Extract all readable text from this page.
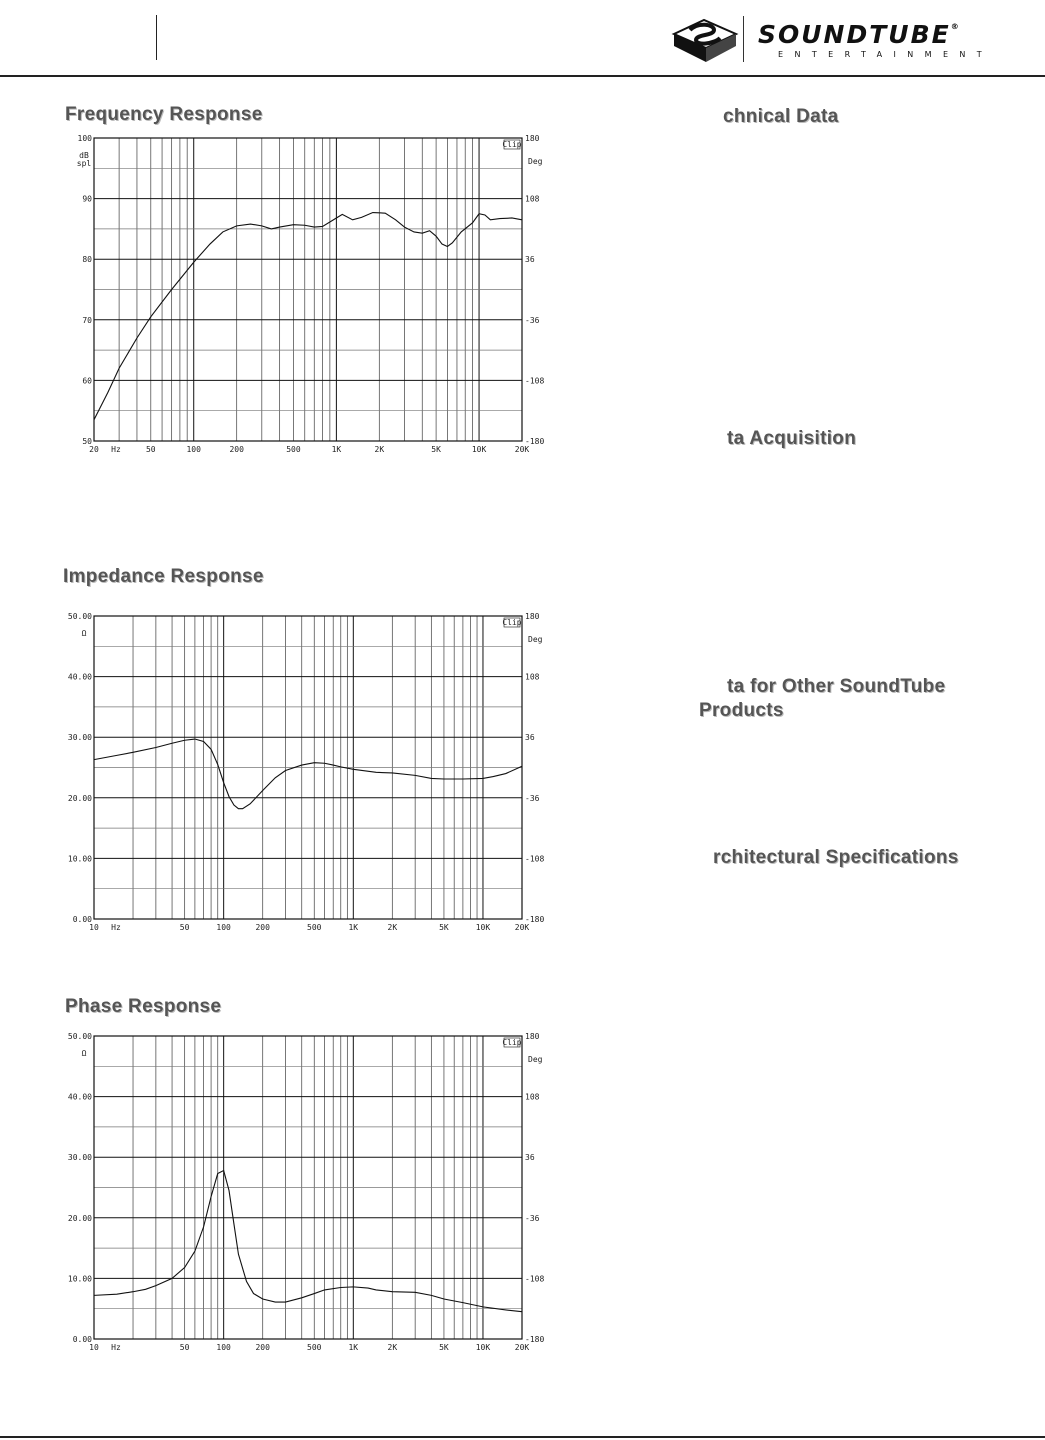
SOUNDTUBE®
ENTERTAINMENT
Frequency Response
100
90
80
70
60
50
180
108
36
-36
-108
-180
20	50	100	200	500	1K	2K	5K	10K	20K
Hz
dB
spl	Deg
Clip
Impedance Response
50.00
40.00
30.00
20.00
10.00
0.00
180
108
36
-36
-108
-180
10	50	100	200	500	1K	2K	5K	10K	20K
Hz
Ω
Deg
Clip
Phase Response
50.00
40.00
30.00
20.00
10.00
0.00
180
108
36
-36
-108
-180
10	50	100	200	500	1K	2K	5K	10K	20K
Hz
Ω
Deg
Clip
chnical Data
ta Acquisition
ta for Other SoundTube
Products
rchitectural Specifications
